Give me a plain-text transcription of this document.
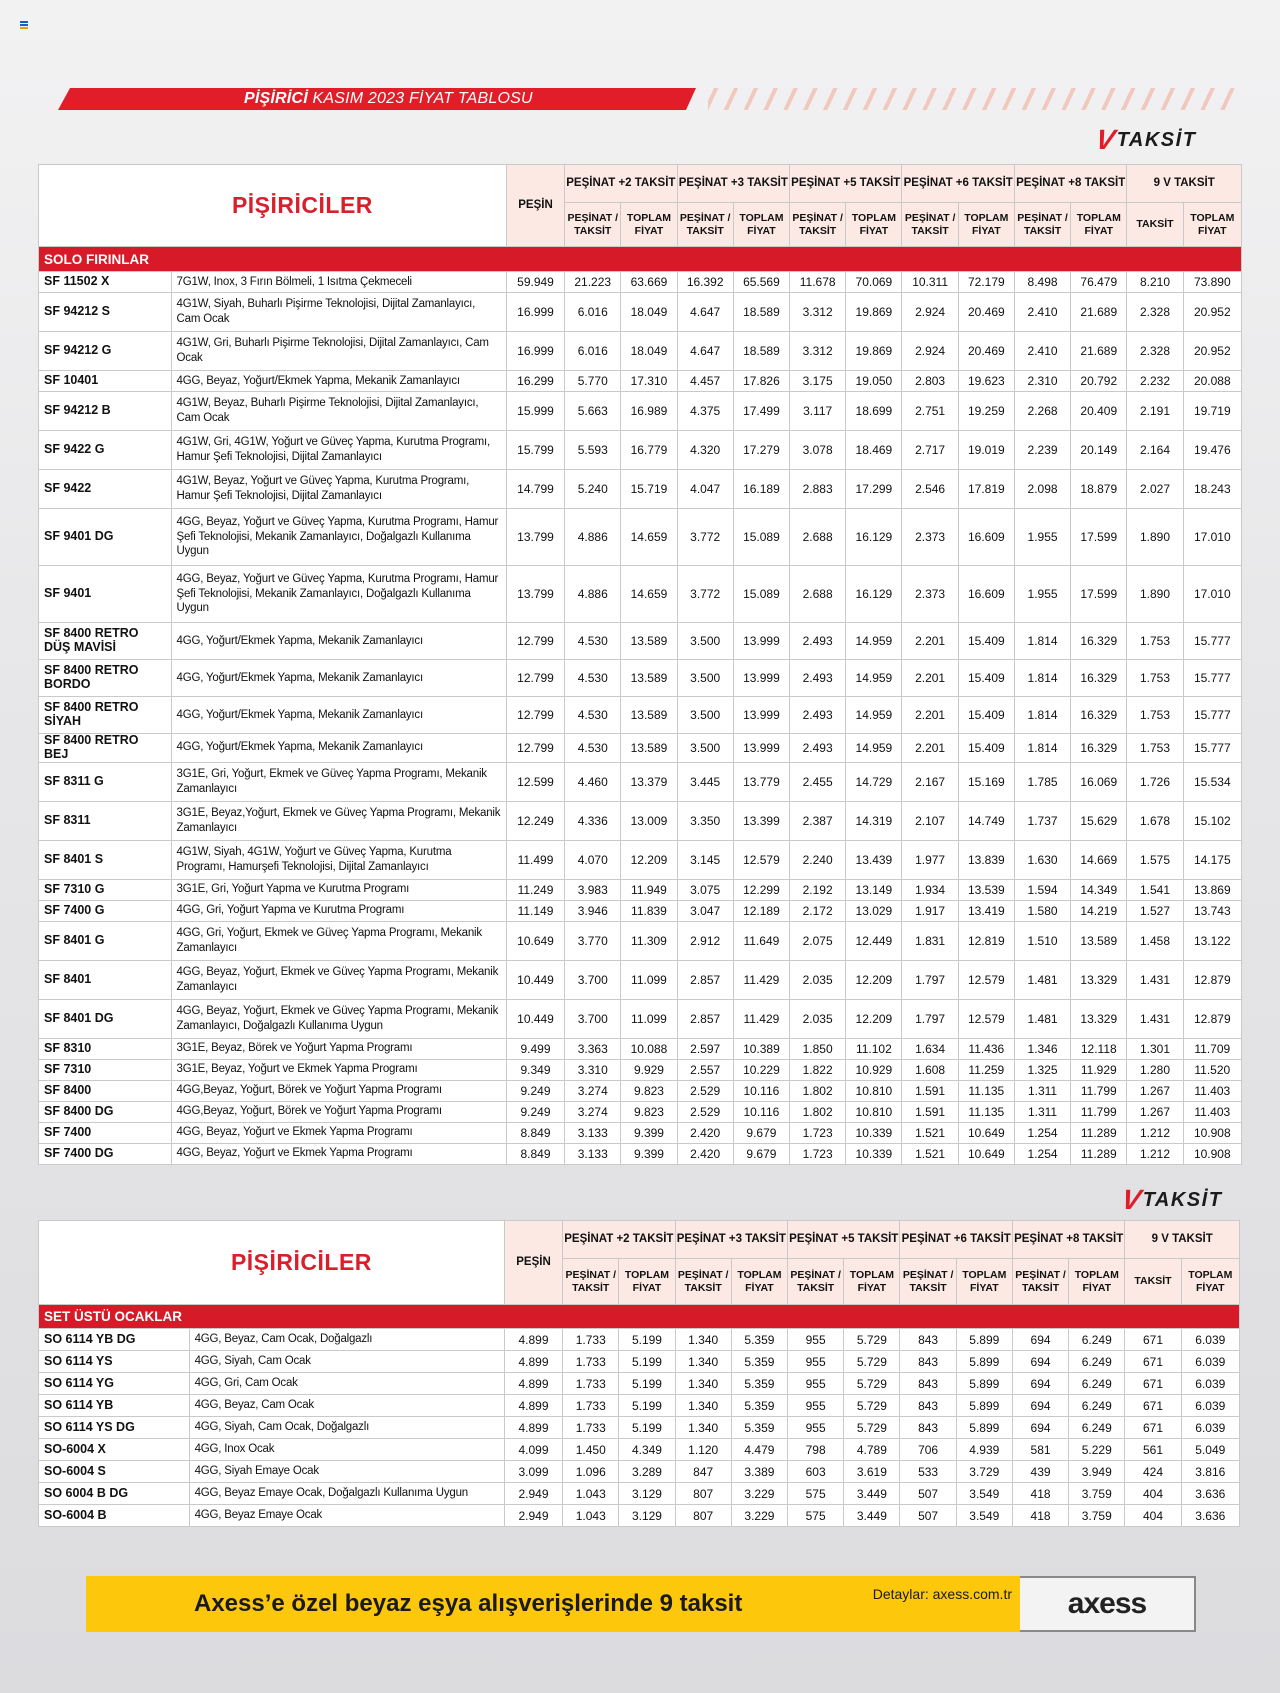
PİŞİRİCİ KASIM 2023 FİYAT TABLOSU
V TAKSİT
PİŞİRİCİLER		PEŞİN	PEŞİNAT +2 TAKSİT		PEŞİNAT +3 TAKSİT		PEŞİNAT +5 TAKSİT		PEŞİNAT +6 TAKSİT		PEŞİNAT +8 TAKSİT		9 V TAKSİT	
			PEŞİNAT / TAKSİT	TOPLAM FİYAT	PEŞİNAT / TAKSİT	TOPLAM FİYAT	PEŞİNAT / TAKSİT	TOPLAM FİYAT	PEŞİNAT / TAKSİT	TOPLAM FİYAT	PEŞİNAT / TAKSİT	TOPLAM FİYAT	TAKSİT	TOPLAM FİYAT
SOLO FIRINLAR														
SF 11502 X	7G1W, Inox, 3 Fırın Bölmeli, 1 Isıtma Çekmeceli	59.949	21.223	63.669	16.392	65.569	11.678	70.069	10.311	72.179	8.498	76.479	8.210	73.890
SF 94212 S	4G1W, Siyah, Buharlı Pişirme Teknolojisi, Dijital Zamanlayıcı, Cam Ocak	16.999	6.016	18.049	4.647	18.589	3.312	19.869	2.924	20.469	2.410	21.689	2.328	20.952
SF 94212 G	4G1W, Gri, Buharlı Pişirme Teknolojisi, Dijital Zamanlayıcı, Cam Ocak	16.999	6.016	18.049	4.647	18.589	3.312	19.869	2.924	20.469	2.410	21.689	2.328	20.952
SF 10401	4GG, Beyaz, Yoğurt/Ekmek Yapma, Mekanik Zamanlayıcı	16.299	5.770	17.310	4.457	17.826	3.175	19.050	2.803	19.623	2.310	20.792	2.232	20.088
SF 94212 B	4G1W, Beyaz, Buharlı Pişirme Teknolojisi, Dijital Zamanlayıcı, Cam Ocak	15.999	5.663	16.989	4.375	17.499	3.117	18.699	2.751	19.259	2.268	20.409	2.191	19.719
SF 9422 G	4G1W, Gri, 4G1W, Yoğurt ve Güveç Yapma, Kurutma Programı, Hamur Şefi Teknolojisi, Dijital Zamanlayıcı	15.799	5.593	16.779	4.320	17.279	3.078	18.469	2.717	19.019	2.239	20.149	2.164	19.476
SF 9422	4G1W, Beyaz, Yoğurt ve Güveç Yapma, Kurutma Programı, Hamur Şefi Teknolojisi, Dijital Zamanlayıcı	14.799	5.240	15.719	4.047	16.189	2.883	17.299	2.546	17.819	2.098	18.879	2.027	18.243
SF 9401 DG	4GG, Beyaz, Yoğurt ve Güveç Yapma, Kurutma Programı, Hamur Şefi Teknolojisi, Mekanik Zamanlayıcı, Doğalgazlı Kullanıma Uygun	13.799	4.886	14.659	3.772	15.089	2.688	16.129	2.373	16.609	1.955	17.599	1.890	17.010
SF 9401	4GG, Beyaz, Yoğurt ve Güveç Yapma, Kurutma Programı, Hamur Şefi Teknolojisi, Mekanik Zamanlayıcı, Doğalgazlı Kullanıma Uygun	13.799	4.886	14.659	3.772	15.089	2.688	16.129	2.373	16.609	1.955	17.599	1.890	17.010
SF 8400 RETRO DÜŞ MAVİSİ	4GG, Yoğurt/Ekmek Yapma, Mekanik Zamanlayıcı	12.799	4.530	13.589	3.500	13.999	2.493	14.959	2.201	15.409	1.814	16.329	1.753	15.777
SF 8400 RETRO BORDO	4GG, Yoğurt/Ekmek Yapma, Mekanik Zamanlayıcı	12.799	4.530	13.589	3.500	13.999	2.493	14.959	2.201	15.409	1.814	16.329	1.753	15.777
SF 8400 RETRO SİYAH	4GG, Yoğurt/Ekmek Yapma, Mekanik Zamanlayıcı	12.799	4.530	13.589	3.500	13.999	2.493	14.959	2.201	15.409	1.814	16.329	1.753	15.777
SF 8400 RETRO BEJ	4GG, Yoğurt/Ekmek Yapma, Mekanik Zamanlayıcı	12.799	4.530	13.589	3.500	13.999	2.493	14.959	2.201	15.409	1.814	16.329	1.753	15.777
SF 8311 G	3G1E, Gri, Yoğurt, Ekmek ve Güveç Yapma Programı, Mekanik Zamanlayıcı	12.599	4.460	13.379	3.445	13.779	2.455	14.729	2.167	15.169	1.785	16.069	1.726	15.534
SF 8311	3G1E, Beyaz,Yoğurt, Ekmek ve Güveç Yapma Programı, Mekanik Zamanlayıcı	12.249	4.336	13.009	3.350	13.399	2.387	14.319	2.107	14.749	1.737	15.629	1.678	15.102
SF 8401 S	4G1W, Siyah, 4G1W, Yoğurt ve Güveç Yapma, Kurutma Programı, Hamurşefi Teknolojisi, Dijital Zamanlayıcı	11.499	4.070	12.209	3.145	12.579	2.240	13.439	1.977	13.839	1.630	14.669	1.575	14.175
SF 7310 G	3G1E, Gri, Yoğurt Yapma ve Kurutma Programı	11.249	3.983	11.949	3.075	12.299	2.192	13.149	1.934	13.539	1.594	14.349	1.541	13.869
SF 7400 G	4GG, Gri, Yoğurt Yapma ve Kurutma Programı	11.149	3.946	11.839	3.047	12.189	2.172	13.029	1.917	13.419	1.580	14.219	1.527	13.743
SF 8401 G	4GG, Gri, Yoğurt, Ekmek ve Güveç Yapma Programı, Mekanik Zamanlayıcı	10.649	3.770	11.309	2.912	11.649	2.075	12.449	1.831	12.819	1.510	13.589	1.458	13.122
SF 8401	4GG, Beyaz, Yoğurt, Ekmek ve Güveç Yapma Programı, Mekanik Zamanlayıcı	10.449	3.700	11.099	2.857	11.429	2.035	12.209	1.797	12.579	1.481	13.329	1.431	12.879
SF 8401 DG	4GG, Beyaz, Yoğurt, Ekmek ve Güveç Yapma Programı, Mekanik Zamanlayıcı, Doğalgazlı Kullanıma Uygun	10.449	3.700	11.099	2.857	11.429	2.035	12.209	1.797	12.579	1.481	13.329	1.431	12.879
SF 8310	3G1E, Beyaz, Börek ve Yoğurt Yapma Programı	9.499	3.363	10.088	2.597	10.389	1.850	11.102	1.634	11.436	1.346	12.118	1.301	11.709
SF 7310	3G1E, Beyaz, Yoğurt ve Ekmek Yapma Programı	9.349	3.310	9.929	2.557	10.229	1.822	10.929	1.608	11.259	1.325	11.929	1.280	11.520
SF 8400	4GG,Beyaz, Yoğurt, Börek ve Yoğurt Yapma Programı	9.249	3.274	9.823	2.529	10.116	1.802	10.810	1.591	11.135	1.311	11.799	1.267	11.403
SF 8400 DG	4GG,Beyaz, Yoğurt, Börek ve Yoğurt Yapma Programı	9.249	3.274	9.823	2.529	10.116	1.802	10.810	1.591	11.135	1.311	11.799	1.267	11.403
SF 7400	4GG, Beyaz, Yoğurt ve Ekmek Yapma Programı	8.849	3.133	9.399	2.420	9.679	1.723	10.339	1.521	10.649	1.254	11.289	1.212	10.908
SF 7400 DG	4GG, Beyaz, Yoğurt ve Ekmek Yapma Programı	8.849	3.133	9.399	2.420	9.679	1.723	10.339	1.521	10.649	1.254	11.289	1.212	10.908
V TAKSİT
PİŞİRİCİLER		PEŞİN	PEŞİNAT +2 TAKSİT		PEŞİNAT +3 TAKSİT		PEŞİNAT +5 TAKSİT		PEŞİNAT +6 TAKSİT		PEŞİNAT +8 TAKSİT		9 V TAKSİT	
			PEŞİNAT / TAKSİT	TOPLAM FİYAT	PEŞİNAT / TAKSİT	TOPLAM FİYAT	PEŞİNAT / TAKSİT	TOPLAM FİYAT	PEŞİNAT / TAKSİT	TOPLAM FİYAT	PEŞİNAT / TAKSİT	TOPLAM FİYAT	TAKSİT	TOPLAM FİYAT
SET ÜSTÜ OCAKLAR														
SO 6114 YB DG	4GG, Beyaz, Cam Ocak, Doğalgazlı	4.899	1.733	5.199	1.340	5.359	955	5.729	843	5.899	694	6.249	671	6.039
SO 6114 YS	4GG, Siyah, Cam Ocak	4.899	1.733	5.199	1.340	5.359	955	5.729	843	5.899	694	6.249	671	6.039
SO 6114 YG	4GG, Gri, Cam Ocak	4.899	1.733	5.199	1.340	5.359	955	5.729	843	5.899	694	6.249	671	6.039
SO 6114 YB	4GG, Beyaz, Cam Ocak	4.899	1.733	5.199	1.340	5.359	955	5.729	843	5.899	694	6.249	671	6.039
SO 6114 YS DG	4GG, Siyah, Cam Ocak, Doğalgazlı	4.899	1.733	5.199	1.340	5.359	955	5.729	843	5.899	694	6.249	671	6.039
SO-6004 X	4GG, Inox Ocak	4.099	1.450	4.349	1.120	4.479	798	4.789	706	4.939	581	5.229	561	5.049
SO-6004 S	4GG, Siyah Emaye Ocak	3.099	1.096	3.289	847	3.389	603	3.619	533	3.729	439	3.949	424	3.816
SO 6004 B DG	4GG, Beyaz Emaye Ocak, Doğalgazlı Kullanıma Uygun	2.949	1.043	3.129	807	3.229	575	3.449	507	3.549	418	3.759	404	3.636
SO-6004 B	4GG, Beyaz Emaye Ocak	2.949	1.043	3.129	807	3.229	575	3.449	507	3.549	418	3.759	404	3.636
Axess’e özel beyaz eşya alışverişlerinde 9 taksit	Detaylar: axess.com.tr	axess
